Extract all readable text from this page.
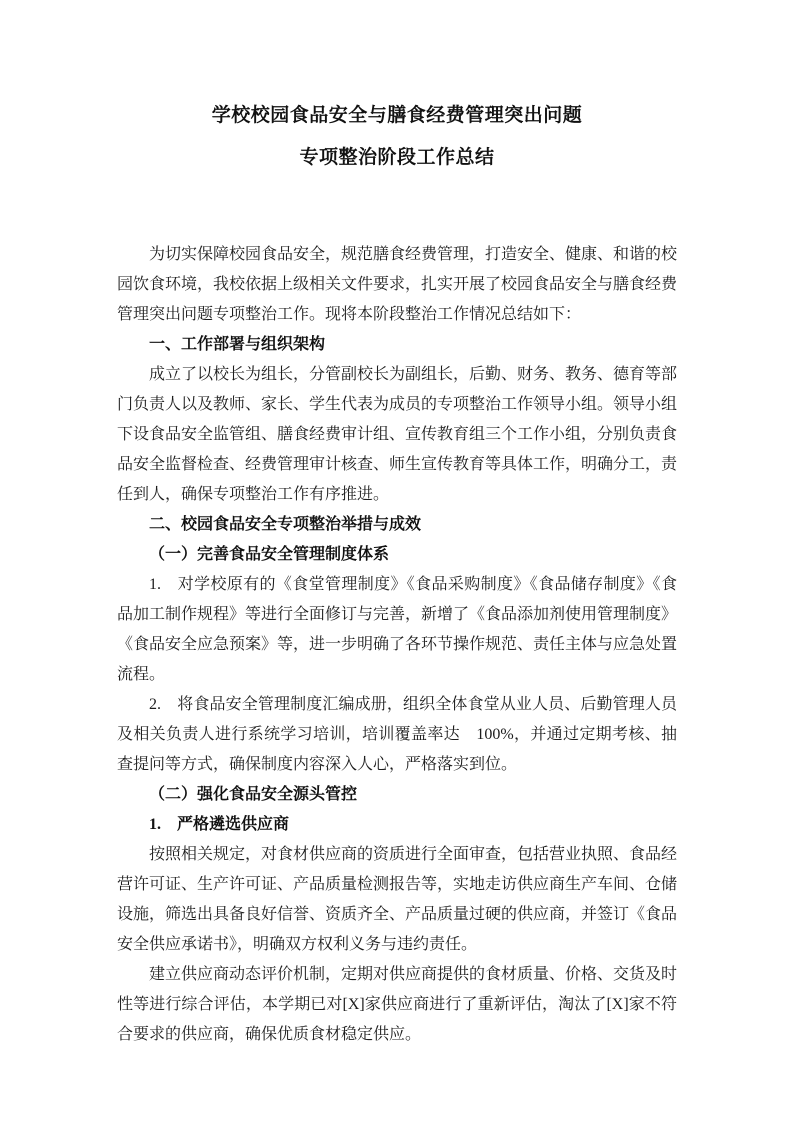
学校校园食品安全与膳食经费管理突出问题
专项整治阶段工作总结

为切实保障校园食品安全，规范膳食经费管理，打造安全、健康、和谐的校园饮食环境，我校依据上级相关文件要求，扎实开展了校园食品安全与膳食经费管理突出问题专项整治工作。现将本阶段整治工作情况总结如下：

一、工作部署与组织架构

成立了以校长为组长，分管副校长为副组长，后勤、财务、教务、德育等部门负责人以及教师、家长、学生代表为成员的专项整治工作领导小组。领导小组下设食品安全监管组、膳食经费审计组、宣传教育组三个工作小组，分别负责食品安全监督检查、经费管理审计核查、师生宣传教育等具体工作，明确分工，责任到人，确保专项整治工作有序推进。

二、校园食品安全专项整治举措与成效

（一）完善食品安全管理制度体系

1.　对学校原有的《食堂管理制度》《食品采购制度》《食品储存制度》《食品加工制作规程》等进行全面修订与完善，新增了《食品添加剂使用管理制度》《食品安全应急预案》等，进一步明确了各环节操作规范、责任主体与应急处置流程。

2.　将食品安全管理制度汇编成册，组织全体食堂从业人员、后勤管理人员及相关负责人进行系统学习培训，培训覆盖率达　100%，并通过定期考核、抽查提问等方式，确保制度内容深入人心，严格落实到位。

（二）强化食品安全源头管控

1.　严格遴选供应商

按照相关规定，对食材供应商的资质进行全面审查，包括营业执照、食品经营许可证、生产许可证、产品质量检测报告等，实地走访供应商生产车间、仓储设施，筛选出具备良好信誉、资质齐全、产品质量过硬的供应商，并签订《食品安全供应承诺书》，明确双方权利义务与违约责任。

建立供应商动态评价机制，定期对供应商提供的食材质量、价格、交货及时性等进行综合评估，本学期已对[X]家供应商进行了重新评估，淘汰了[X]家不符合要求的供应商，确保优质食材稳定供应。
